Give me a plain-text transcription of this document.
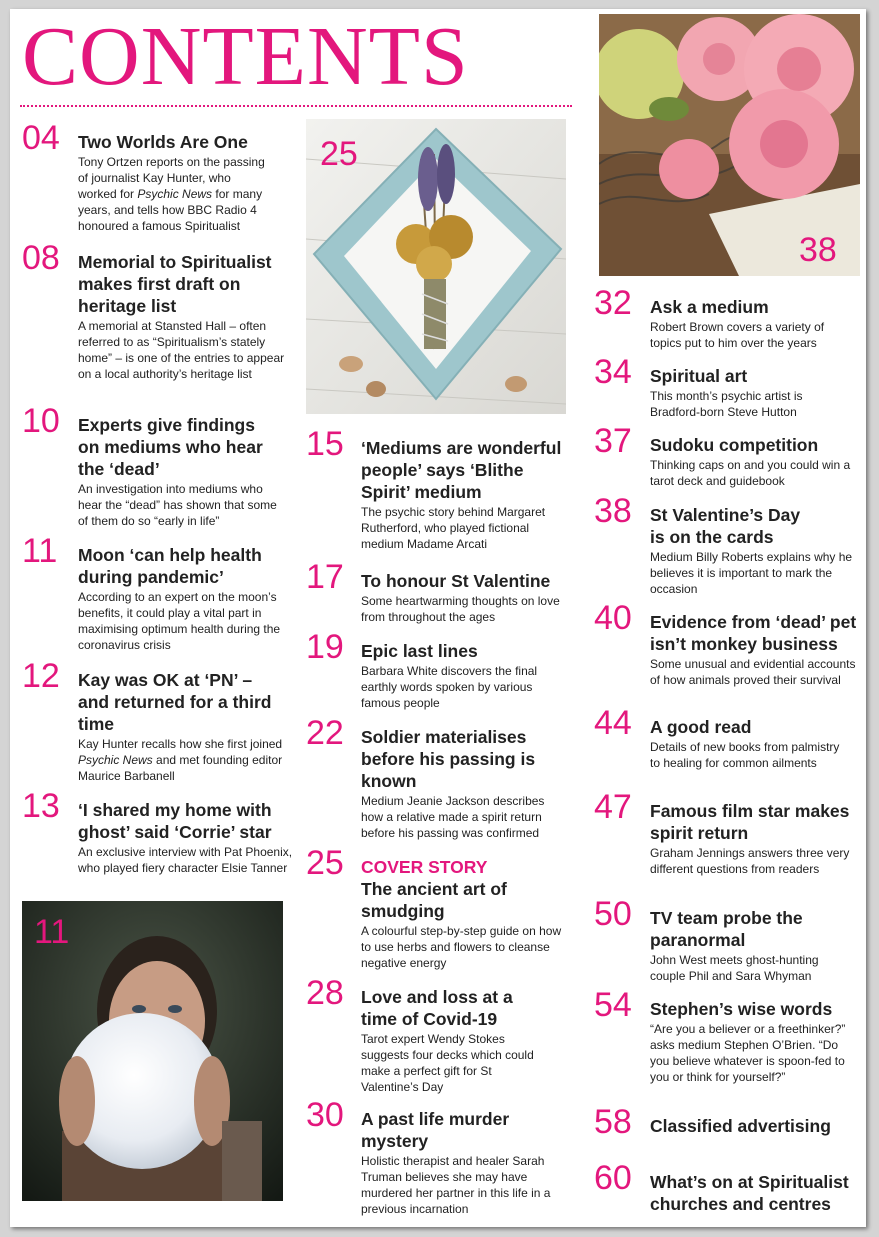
CONTENTS
25
38
11
04 Two Worlds Are One
Tony Ortzen reports on the passing
of journalist Kay Hunter, who
worked for Psychic News for many
years, and tells how BBC Radio 4
honoured a famous Spiritualist
08 Memorial to Spiritualist makes first draft on heritage list
A memorial at Stansted Hall – often referred to as “Spiritualism’s stately home” – is one of the entries to appear on a local authority’s heritage list
10 Experts give findings on mediums who hear the ‘dead’
An investigation into mediums who hear the “dead” has shown that some of them do so “early in life”
11 Moon ‘can help health during pandemic’
According to an expert on the moon’s benefits, it could play a vital part in maximising optimum health during the coronavirus crisis
12 Kay was OK at ‘PN’ – and returned for a third time
Kay Hunter recalls how she first joined Psychic News and met founding editor Maurice Barbanell
13 ‘I shared my home with ghost’ said ‘Corrie’ star
An exclusive interview with Pat Phoenix, who played fiery character Elsie Tanner
15 ‘Mediums are wonderful people’ says ‘Blithe Spirit’ medium
The psychic story behind Margaret Rutherford, who played fictional medium Madame Arcati
17 To honour St Valentine
Some heartwarming thoughts on love from throughout the ages
19 Epic last lines
Barbara White discovers the final earthly words spoken by various famous people
22 Soldier materialises before his passing is known
Medium Jeanie Jackson describes how a relative made a spirit return before his passing was confirmed
25 COVER STORY
The ancient art of smudging
A colourful step-by-step guide on how to use herbs and flowers to cleanse negative energy
28 Love and loss at a time of Covid-19
Tarot expert Wendy Stokes suggests four decks which could make a perfect gift for St Valentine’s Day
30 A past life murder mystery
Holistic therapist and healer Sarah Truman believes she may have murdered her partner in this life in a previous incarnation
32 Ask a medium
Robert Brown covers a variety of topics put to him over the years
34 Spiritual art
This month’s psychic artist is Bradford-born Steve Hutton
37 Sudoku competition
Thinking caps on and you could win a tarot deck and guidebook
38 St Valentine’s Day is on the cards
Medium Billy Roberts explains why he believes it is important to mark the occasion
40 Evidence from ‘dead’ pet isn’t monkey business
Some unusual and evidential accounts of how animals proved their survival
44 A good read
Details of new books from palmistry to healing for common ailments
47 Famous film star makes spirit return
Graham Jennings answers three very different questions from readers
50 TV team probe the paranormal
John West meets ghost-hunting couple Phil and Sara Whyman
54 Stephen’s wise words
“Are you a believer or a freethinker?” asks medium Stephen O’Brien. “Do you believe whatever is spoon-fed to you or think for yourself?”
58 Classified advertising
60 What’s on at Spiritualist churches and centres
